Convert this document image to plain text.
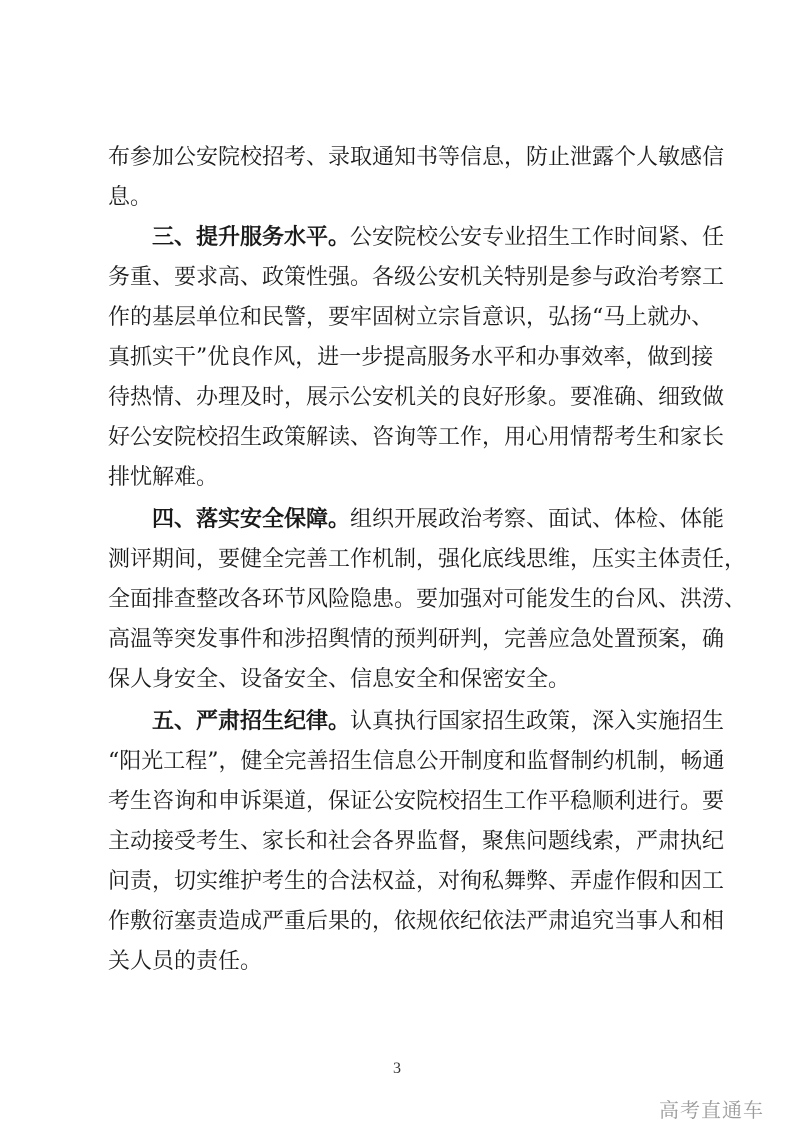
布参加公安院校招考、录取通知书等信息，防止泄露个人敏感信
息。
三、提升服务水平。公安院校公安专业招生工作时间紧、任
务重、要求高、政策性强。各级公安机关特别是参与政治考察工
作的基层单位和民警，要牢固树立宗旨意识，弘扬“马上就办、
真抓实干”优良作风，进一步提高服务水平和办事效率，做到接
待热情、办理及时，展示公安机关的良好形象。要准确、细致做
好公安院校招生政策解读、咨询等工作，用心用情帮考生和家长
排忧解难。
四、落实安全保障。组织开展政治考察、面试、体检、体能
测评期间，要健全完善工作机制，强化底线思维，压实主体责任，
全面排查整改各环节风险隐患。要加强对可能发生的台风、洪涝、
高温等突发事件和涉招舆情的预判研判，完善应急处置预案，确
保人身安全、设备安全、信息安全和保密安全。
五、严肃招生纪律。认真执行国家招生政策，深入实施招生
“阳光工程”，健全完善招生信息公开制度和监督制约机制，畅通
考生咨询和申诉渠道，保证公安院校招生工作平稳顺利进行。要
主动接受考生、家长和社会各界监督，聚焦问题线索，严肃执纪
问责，切实维护考生的合法权益，对徇私舞弊、弄虚作假和因工
作敷衍塞责造成严重后果的，依规依纪依法严肃追究当事人和相
关人员的责任。
3
高考直通车
